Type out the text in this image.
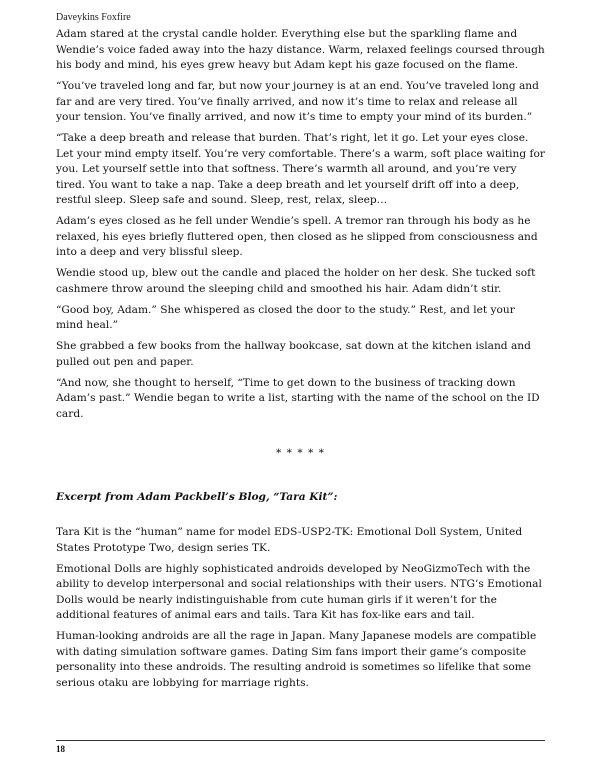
Daveykins Foxfire

Adam stared at the crystal candle holder. Everything else but the sparkling flame and Wendie’s voice faded away into the hazy distance. Warm, relaxed feelings coursed through his body and mind, his eyes grew heavy but Adam kept his gaze focused on the flame.

“You’ve traveled long and far, but now your journey is at an end. You’ve traveled long and far and are very tired. You’ve finally arrived, and now it’s time to relax and release all your tension. You’ve finally arrived, and now it’s time to empty your mind of its burden.”

“Take a deep breath and release that burden. That’s right, let it go. Let your eyes close. Let your mind empty itself. You’re very comfortable. There’s a warm, soft place waiting for you. Let yourself settle into that softness. There’s warmth all around, and you’re very tired. You want to take a nap. Take a deep breath and let yourself drift off into a deep, restful sleep. Sleep safe and sound. Sleep, rest, relax, sleep…

Adam’s eyes closed as he fell under Wendie’s spell. A tremor ran through his body as he relaxed, his eyes briefly fluttered open, then closed as he slipped from consciousness and into a deep and very blissful sleep.

Wendie stood up, blew out the candle and placed the holder on her desk. She tucked soft cashmere throw around the sleeping child and smoothed his hair. Adam didn’t stir.

“Good boy, Adam.” She whispered as closed the door to the study.” Rest, and let your mind heal.”

She grabbed a few books from the hallway bookcase, sat down at the kitchen island and pulled out pen and paper.

“And now, she thought to herself, “Time to get down to the business of tracking down Adam’s past.” Wendie began to write a list, starting with the name of the school on the ID card.

* * * * *

Excerpt from Adam Packbell’s Blog, “Tara Kit”:

Tara Kit is the “human” name for model EDS-USP2-TK: Emotional Doll System, United States Prototype Two, design series TK.

Emotional Dolls are highly sophisticated androids developed by NeoGizmoTech with the ability to develop interpersonal and social relationships with their users. NTG’s Emotional Dolls would be nearly indistinguishable from cute human girls if it weren’t for the additional features of animal ears and tails. Tara Kit has fox-like ears and tail.

Human-looking androids are all the rage in Japan. Many Japanese models are compatible with dating simulation software games. Dating Sim fans import their game’s composite personality into these androids. The resulting android is sometimes so lifelike that some serious otaku are lobbying for marriage rights.

18
